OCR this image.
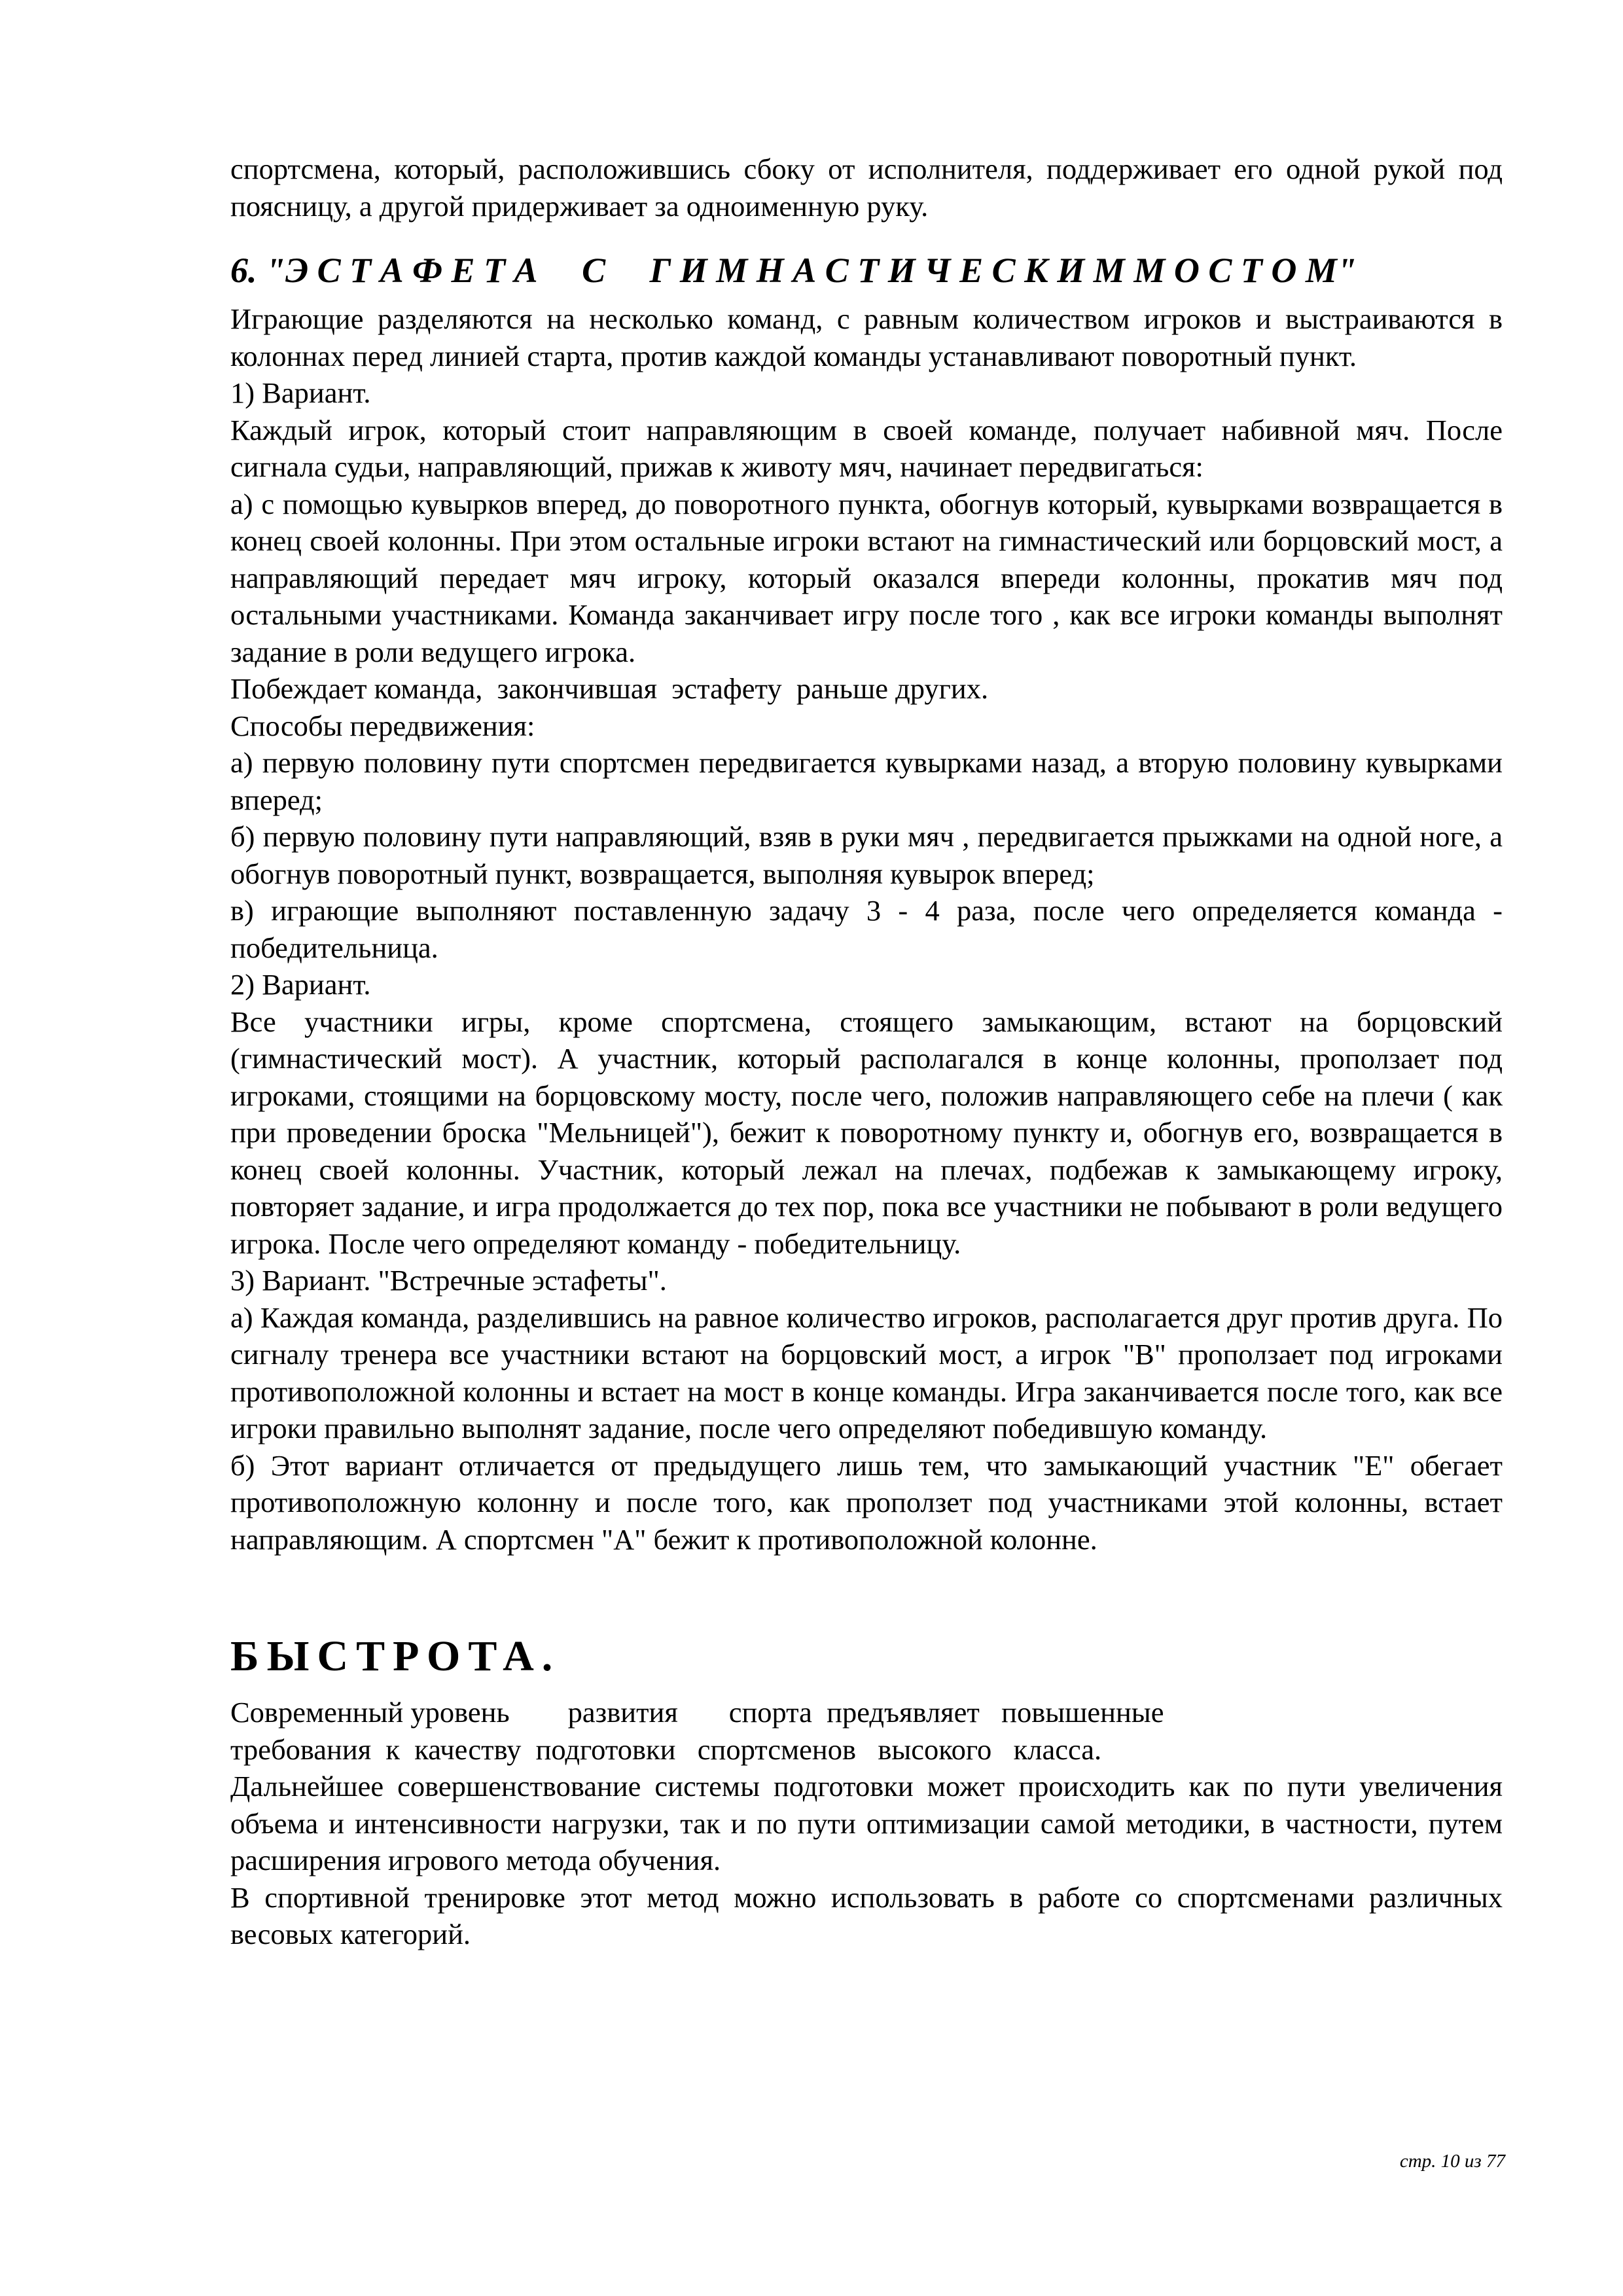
спортсмена, который, расположившись сбоку от исполнителя, поддерживает его одной рукой под поясницу, а другой придерживает за одноименную руку.

6. "Э С Т А Ф Е Т А     С     Г И М Н А С Т И Ч Е С К И М М О С Т О М"

Играющие разделяются на несколько команд, с равным количеством игроков и выстраиваются в колоннах перед линией старта, против каждой команды устанавливают поворотный пункт.

1) Вариант.

Каждый игрок, который стоит направляющим в своей команде, получает набивной мяч. После сигнала судьи, направляющий, прижав к животу мяч, начинает передвигаться:

а) с помощью кувырков вперед, до поворотного пункта, обогнув который, кувырками возвращается в конец своей колонны. При этом остальные игроки встают на гимнастический или борцовский мост, а направляющий передает мяч игроку, который оказался впереди колонны, прокатив мяч под остальными участниками. Команда заканчивает игру после того , как все игроки команды выполнят задание в роли ведущего игрока.

Побеждает команда,  закончившая  эстафету  раньше других.

Способы передвижения:

а) первую половину пути спортсмен передвигается кувырками назад, а вторую половину кувырками вперед;

б) первую половину пути направляющий, взяв в руки мяч , передвигается прыжками на одной ноге, а обогнув поворотный пункт, возвращается, выполняя кувырок вперед;

в) играющие выполняют поставленную задачу 3 - 4 раза, после чего определяется команда - победительница.

2) Вариант.

Все участники игры, кроме спортсмена, стоящего замыкающим, встают на борцовский (гимнастический мост). А участник, который располагался в конце колонны, проползает под игроками, стоящими на борцовскому мосту, после чего, положив направляющего себе на плечи ( как при проведении броска "Мельницей"), бежит к поворотному пункту и, обогнув его, возвращается в конец своей колонны. Участник, который лежал на плечах, подбежав к замыкающему игроку, повторяет задание, и игра продолжается до тех пор, пока все участники не побывают в роли ведущего игрока. После чего определяют команду - победительницу.

3) Вариант. "Встречные эстафеты".

а) Каждая команда, разделившись на равное количество игроков, располагается друг против друга. По сигналу тренера все участники встают на борцовский мост, а игрок "В" проползает под игроками противоположной колонны и встает на мост в конце команды. Игра заканчивается после того, как все игроки правильно выполнят задание, после чего определяют победившую команду.

б) Этот вариант отличается от предыдущего лишь тем, что замыкающий участник "Е" обегает противоположную колонну и после того, как проползет под участниками этой колонны, встает направляющим. А спортсмен "А" бежит к противоположной колонне.

БЫСТРОТА.

Современный уровень        развития       спорта  предъявляет   повышенные

требования  к  качеству  подготовки   спортсменов   высокого   класса.

Дальнейшее совершенствование системы подготовки может происходить как по пути увеличения объема и интенсивности нагрузки, так и по пути оптимизации самой методики, в частности, путем расширения игрового метода обучения.

В спортивной тренировке этот метод можно использовать в работе со спортсменами различных весовых категорий.

стр. 10 из 77
